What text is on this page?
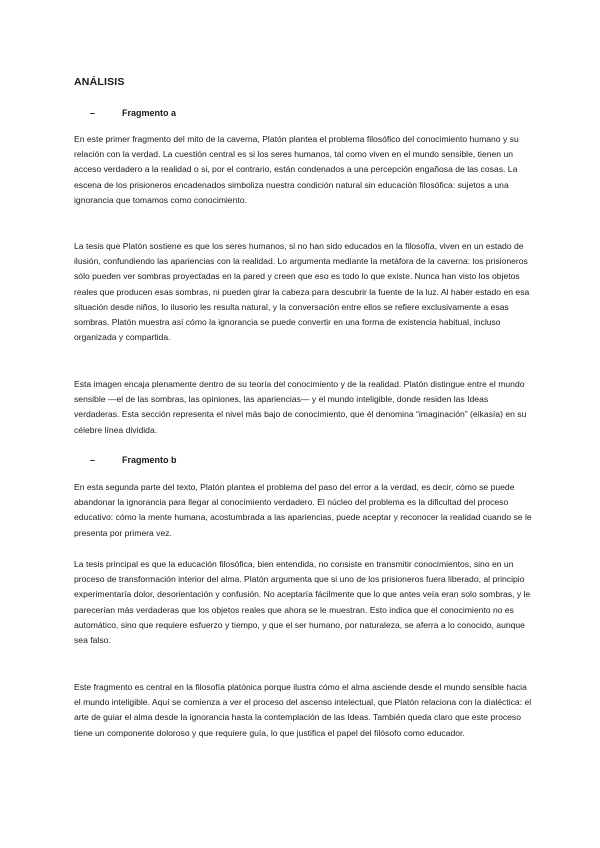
ANÁLISIS
–	Fragmento a

En este primer fragmento del mito de la caverna, Platón plantea el problema filosófico del conocimiento humano y su relación con la verdad. La cuestión central es si los seres humanos, tal como viven en el mundo sensible, tienen un acceso verdadero a la realidad o si, por el contrario, están condenados a una percepción engañosa de las cosas. La escena de los prisioneros encadenados simboliza nuestra condición natural sin educación filosófica: sujetos a una ignorancia que tomamos como conocimiento.

La tesis que Platón sostiene es que los seres humanos, si no han sido educados en la filosofía, viven en un estado de ilusión, confundiendo las apariencias con la realidad. Lo argumenta mediante la metáfora de la caverna: los prisioneros sólo pueden ver sombras proyectadas en la pared y creen que eso es todo lo que existe. Nunca han visto los objetos reales que producen esas sombras, ni pueden girar la cabeza para descubrir la fuente de la luz. Al haber estado en esa situación desde niños, lo ilusorio les resulta natural, y la conversación entre ellos se refiere exclusivamente a esas sombras. Platón muestra así cómo la ignorancia se puede convertir en una forma de existencia habitual, incluso organizada y compartida.

Esta imagen encaja plenamente dentro de su teoría del conocimiento y de la realidad. Platón distingue entre el mundo sensible —el de las sombras, las opiniones, las apariencias— y el mundo inteligible, donde residen las Ideas verdaderas. Esta sección representa el nivel más bajo de conocimiento, que él denomina “imaginación” (eikasía) en su célebre línea dividida.

–	Fragmento b

En esta segunda parte del texto, Platón plantea el problema del paso del error a la verdad, es decir, cómo se puede abandonar la ignorancia para llegar al conocimiento verdadero. El núcleo del problema es la dificultad del proceso educativo: cómo la mente humana, acostumbrada a las apariencias, puede aceptar y reconocer la realidad cuando se le presenta por primera vez.

La tesis principal es que la educación filosófica, bien entendida, no consiste en transmitir conocimientos, sino en un proceso de transformación interior del alma. Platón argumenta que si uno de los prisioneros fuera liberado, al principio experimentaría dolor, desorientación y confusión. No aceptaría fácilmente que lo que antes veía eran solo sombras, y le parecerían más verdaderas que los objetos reales que ahora se le muestran. Esto indica que el conocimiento no es automático, sino que requiere esfuerzo y tiempo, y que el ser humano, por naturaleza, se aferra a lo conocido, aunque sea falso.

Este fragmento es central en la filosofía platónica porque ilustra cómo el alma asciende desde el mundo sensible hacia el mundo inteligible. Aquí se comienza a ver el proceso del ascenso intelectual, que Platón relaciona con la dialéctica: el arte de guiar el alma desde la ignorancia hasta la contemplación de las Ideas. También queda claro que este proceso tiene un componente doloroso y que requiere guía, lo que justifica el papel del filósofo como educador.
